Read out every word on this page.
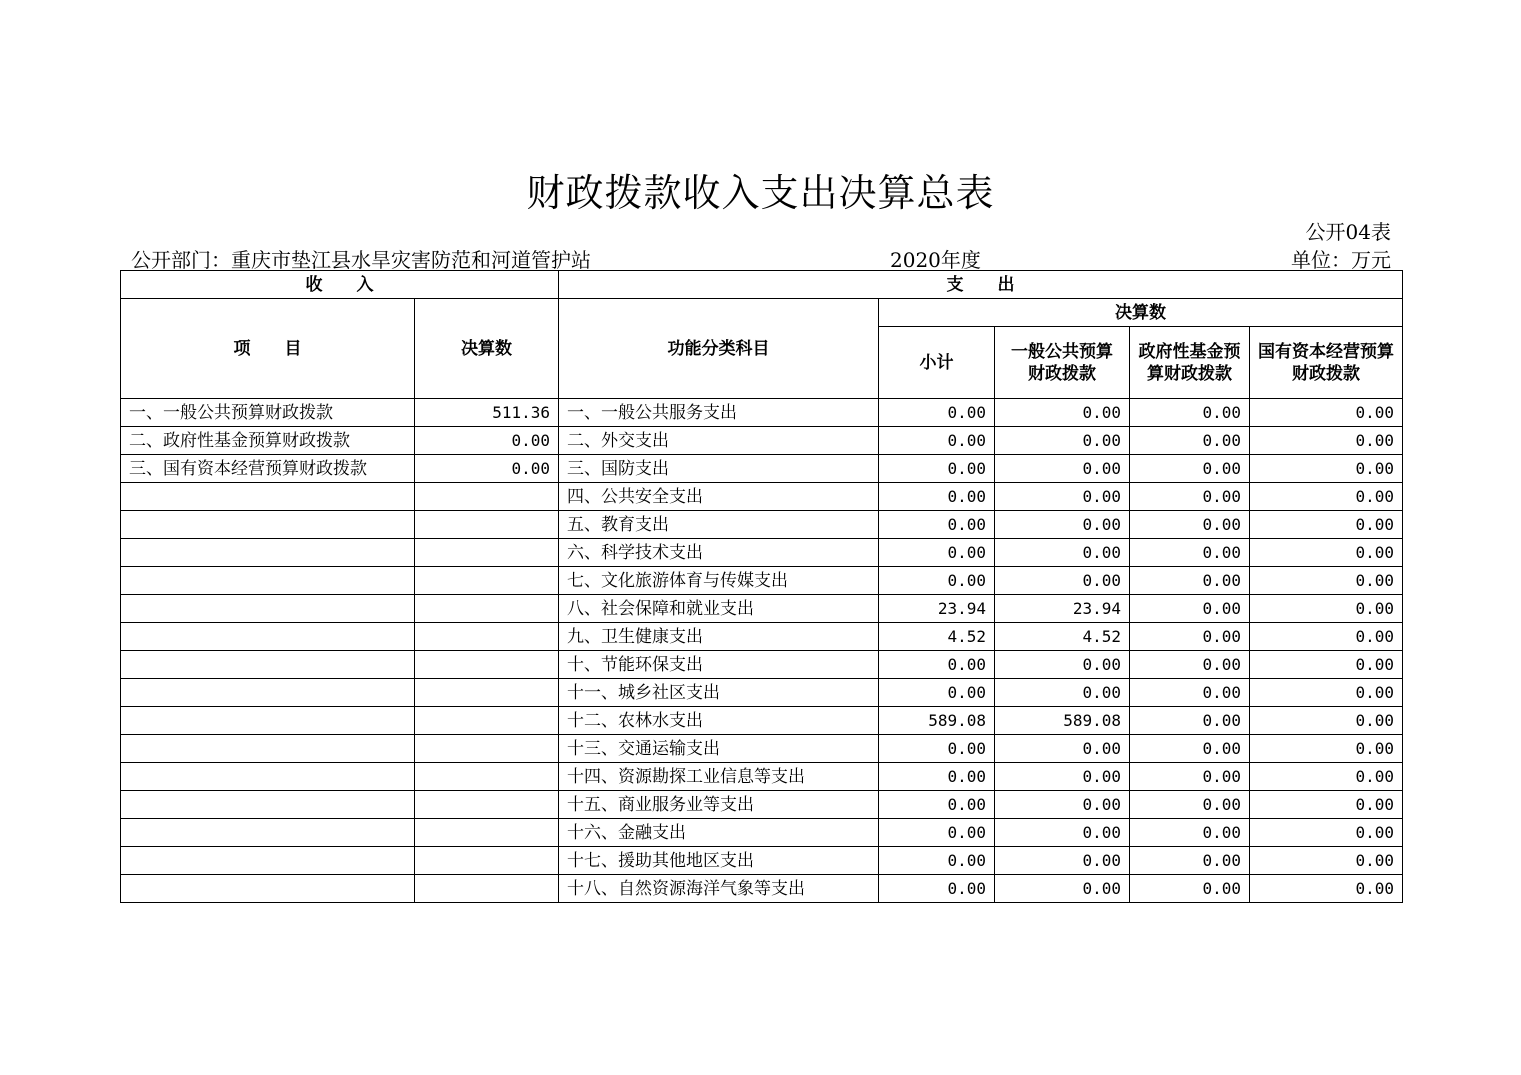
财政拨款收入支出决算总表
公开04表
公开部门：重庆市垫江县水旱灾害防范和河道管护站	2020年度	单位：万元
收　　入		支　　出				
项　　目	决算数	功能分类科目	决算数			
			小计	一般公共预算财政拨款	政府性基金预算财政拨款	国有资本经营预算财政拨款
一、一般公共预算财政拨款	511.36	一、一般公共服务支出	0.00	0.00	0.00	0.00
二、政府性基金预算财政拨款	0.00	二、外交支出	0.00	0.00	0.00	0.00
三、国有资本经营预算财政拨款	0.00	三、国防支出	0.00	0.00	0.00	0.00
		四、公共安全支出	0.00	0.00	0.00	0.00
		五、教育支出	0.00	0.00	0.00	0.00
		六、科学技术支出	0.00	0.00	0.00	0.00
		七、文化旅游体育与传媒支出	0.00	0.00	0.00	0.00
		八、社会保障和就业支出	23.94	23.94	0.00	0.00
		九、卫生健康支出	4.52	4.52	0.00	0.00
		十、节能环保支出	0.00	0.00	0.00	0.00
		十一、城乡社区支出	0.00	0.00	0.00	0.00
		十二、农林水支出	589.08	589.08	0.00	0.00
		十三、交通运输支出	0.00	0.00	0.00	0.00
		十四、资源勘探工业信息等支出	0.00	0.00	0.00	0.00
		十五、商业服务业等支出	0.00	0.00	0.00	0.00
		十六、金融支出	0.00	0.00	0.00	0.00
		十七、援助其他地区支出	0.00	0.00	0.00	0.00
		十八、自然资源海洋气象等支出	0.00	0.00	0.00	0.00
